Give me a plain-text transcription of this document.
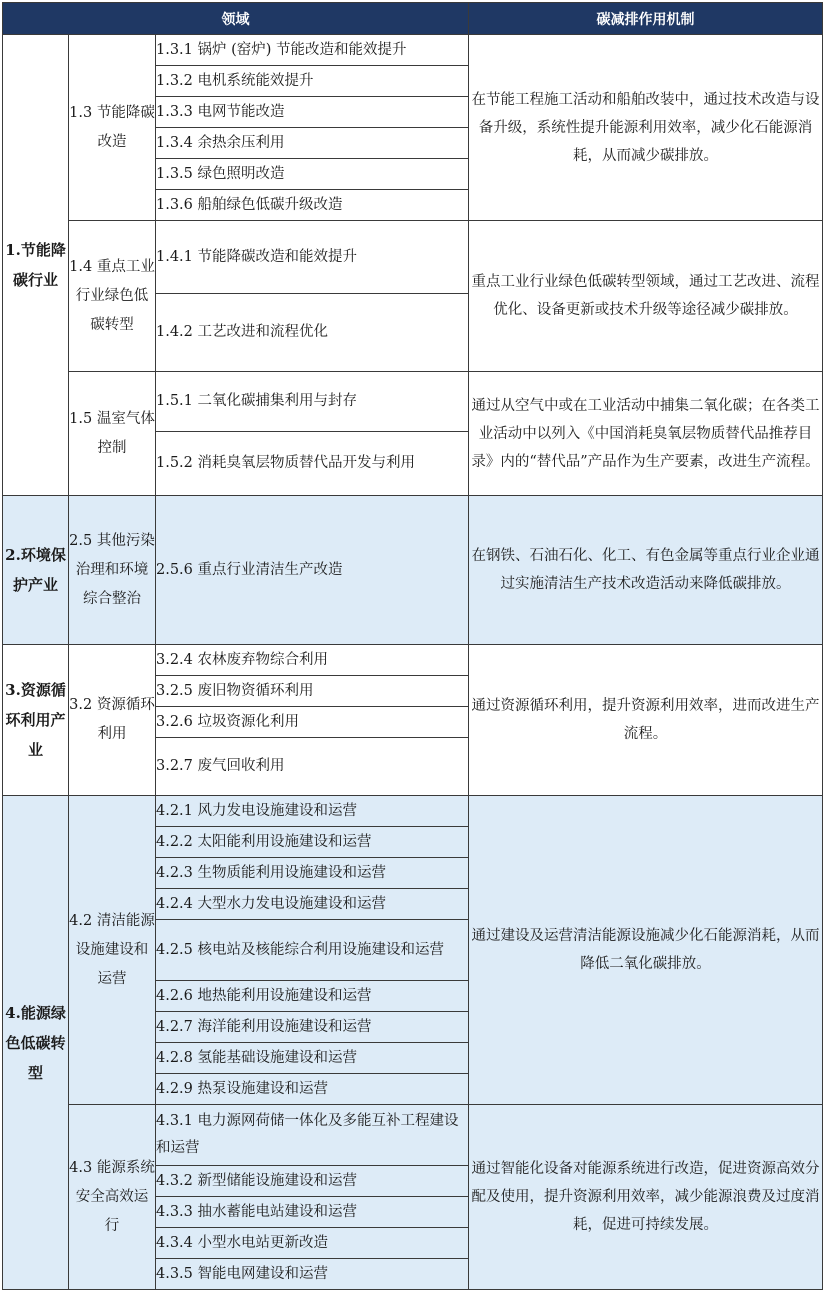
领域			碳减排作用机制
1.节能降碳行业	1.3 节能降碳改造	1.3.1 锅炉 (窑炉) 节能改造和能效提升	在节能工程施工活动和船舶改装中，通过技术改造与设备升级，系统性提升能源利用效率，减少化石能源消耗，从而减少碳排放。
		1.3.2 电机系统能效提升	
		1.3.3 电网节能改造	
		1.3.4 余热余压利用	
		1.3.5 绿色照明改造	
		1.3.6 船舶绿色低碳升级改造	
	1.4 重点工业行业绿色低碳转型	1.4.1 节能降碳改造和能效提升	重点工业行业绿色低碳转型领域，通过工艺改进、流程优化、设备更新或技术升级等途径减少碳排放。
		1.4.2 工艺改进和流程优化	
	1.5 温室气体控制	1.5.1 二氧化碳捕集利用与封存	通过从空气中或在工业活动中捕集二氧化碳；在各类工业活动中以列入《中国消耗臭氧层物质替代品推荐目录》内的“替代品”产品作为生产要素，改进生产流程。
		1.5.2 消耗臭氧层物质替代品开发与利用	
2.环境保护产业	2.5 其他污染治理和环境综合整治	2.5.6 重点行业清洁生产改造	在钢铁、石油石化、化工、有色金属等重点行业企业通过实施清洁生产技术改造活动来降低碳排放。
3.资源循环利用产业	3.2 资源循环利用	3.2.4 农林废弃物综合利用	通过资源循环利用，提升资源利用效率，进而改进生产流程。
		3.2.5 废旧物资循环利用	
		3.2.6 垃圾资源化利用	
		3.2.7 废气回收利用	
4.能源绿色低碳转型	4.2 清洁能源设施建设和运营	4.2.1 风力发电设施建设和运营	通过建设及运营清洁能源设施减少化石能源消耗，从而降低二氧化碳排放。
		4.2.2 太阳能利用设施建设和运营	
		4.2.3 生物质能利用设施建设和运营	
		4.2.4 大型水力发电设施建设和运营	
		4.2.5 核电站及核能综合利用设施建设和运营	
		4.2.6 地热能利用设施建设和运营	
		4.2.7 海洋能利用设施建设和运营	
		4.2.8 氢能基础设施建设和运营	
		4.2.9 热泵设施建设和运营	
	4.3 能源系统安全高效运行	4.3.1 电力源网荷储一体化及多能互补工程建设和运营	通过智能化设备对能源系统进行改造，促进资源高效分配及使用，提升资源利用效率，减少能源浪费及过度消耗，促进可持续发展。
		4.3.2 新型储能设施建设和运营	
		4.3.3 抽水蓄能电站建设和运营	
		4.3.4 小型水电站更新改造	
		4.3.5 智能电网建设和运营	
